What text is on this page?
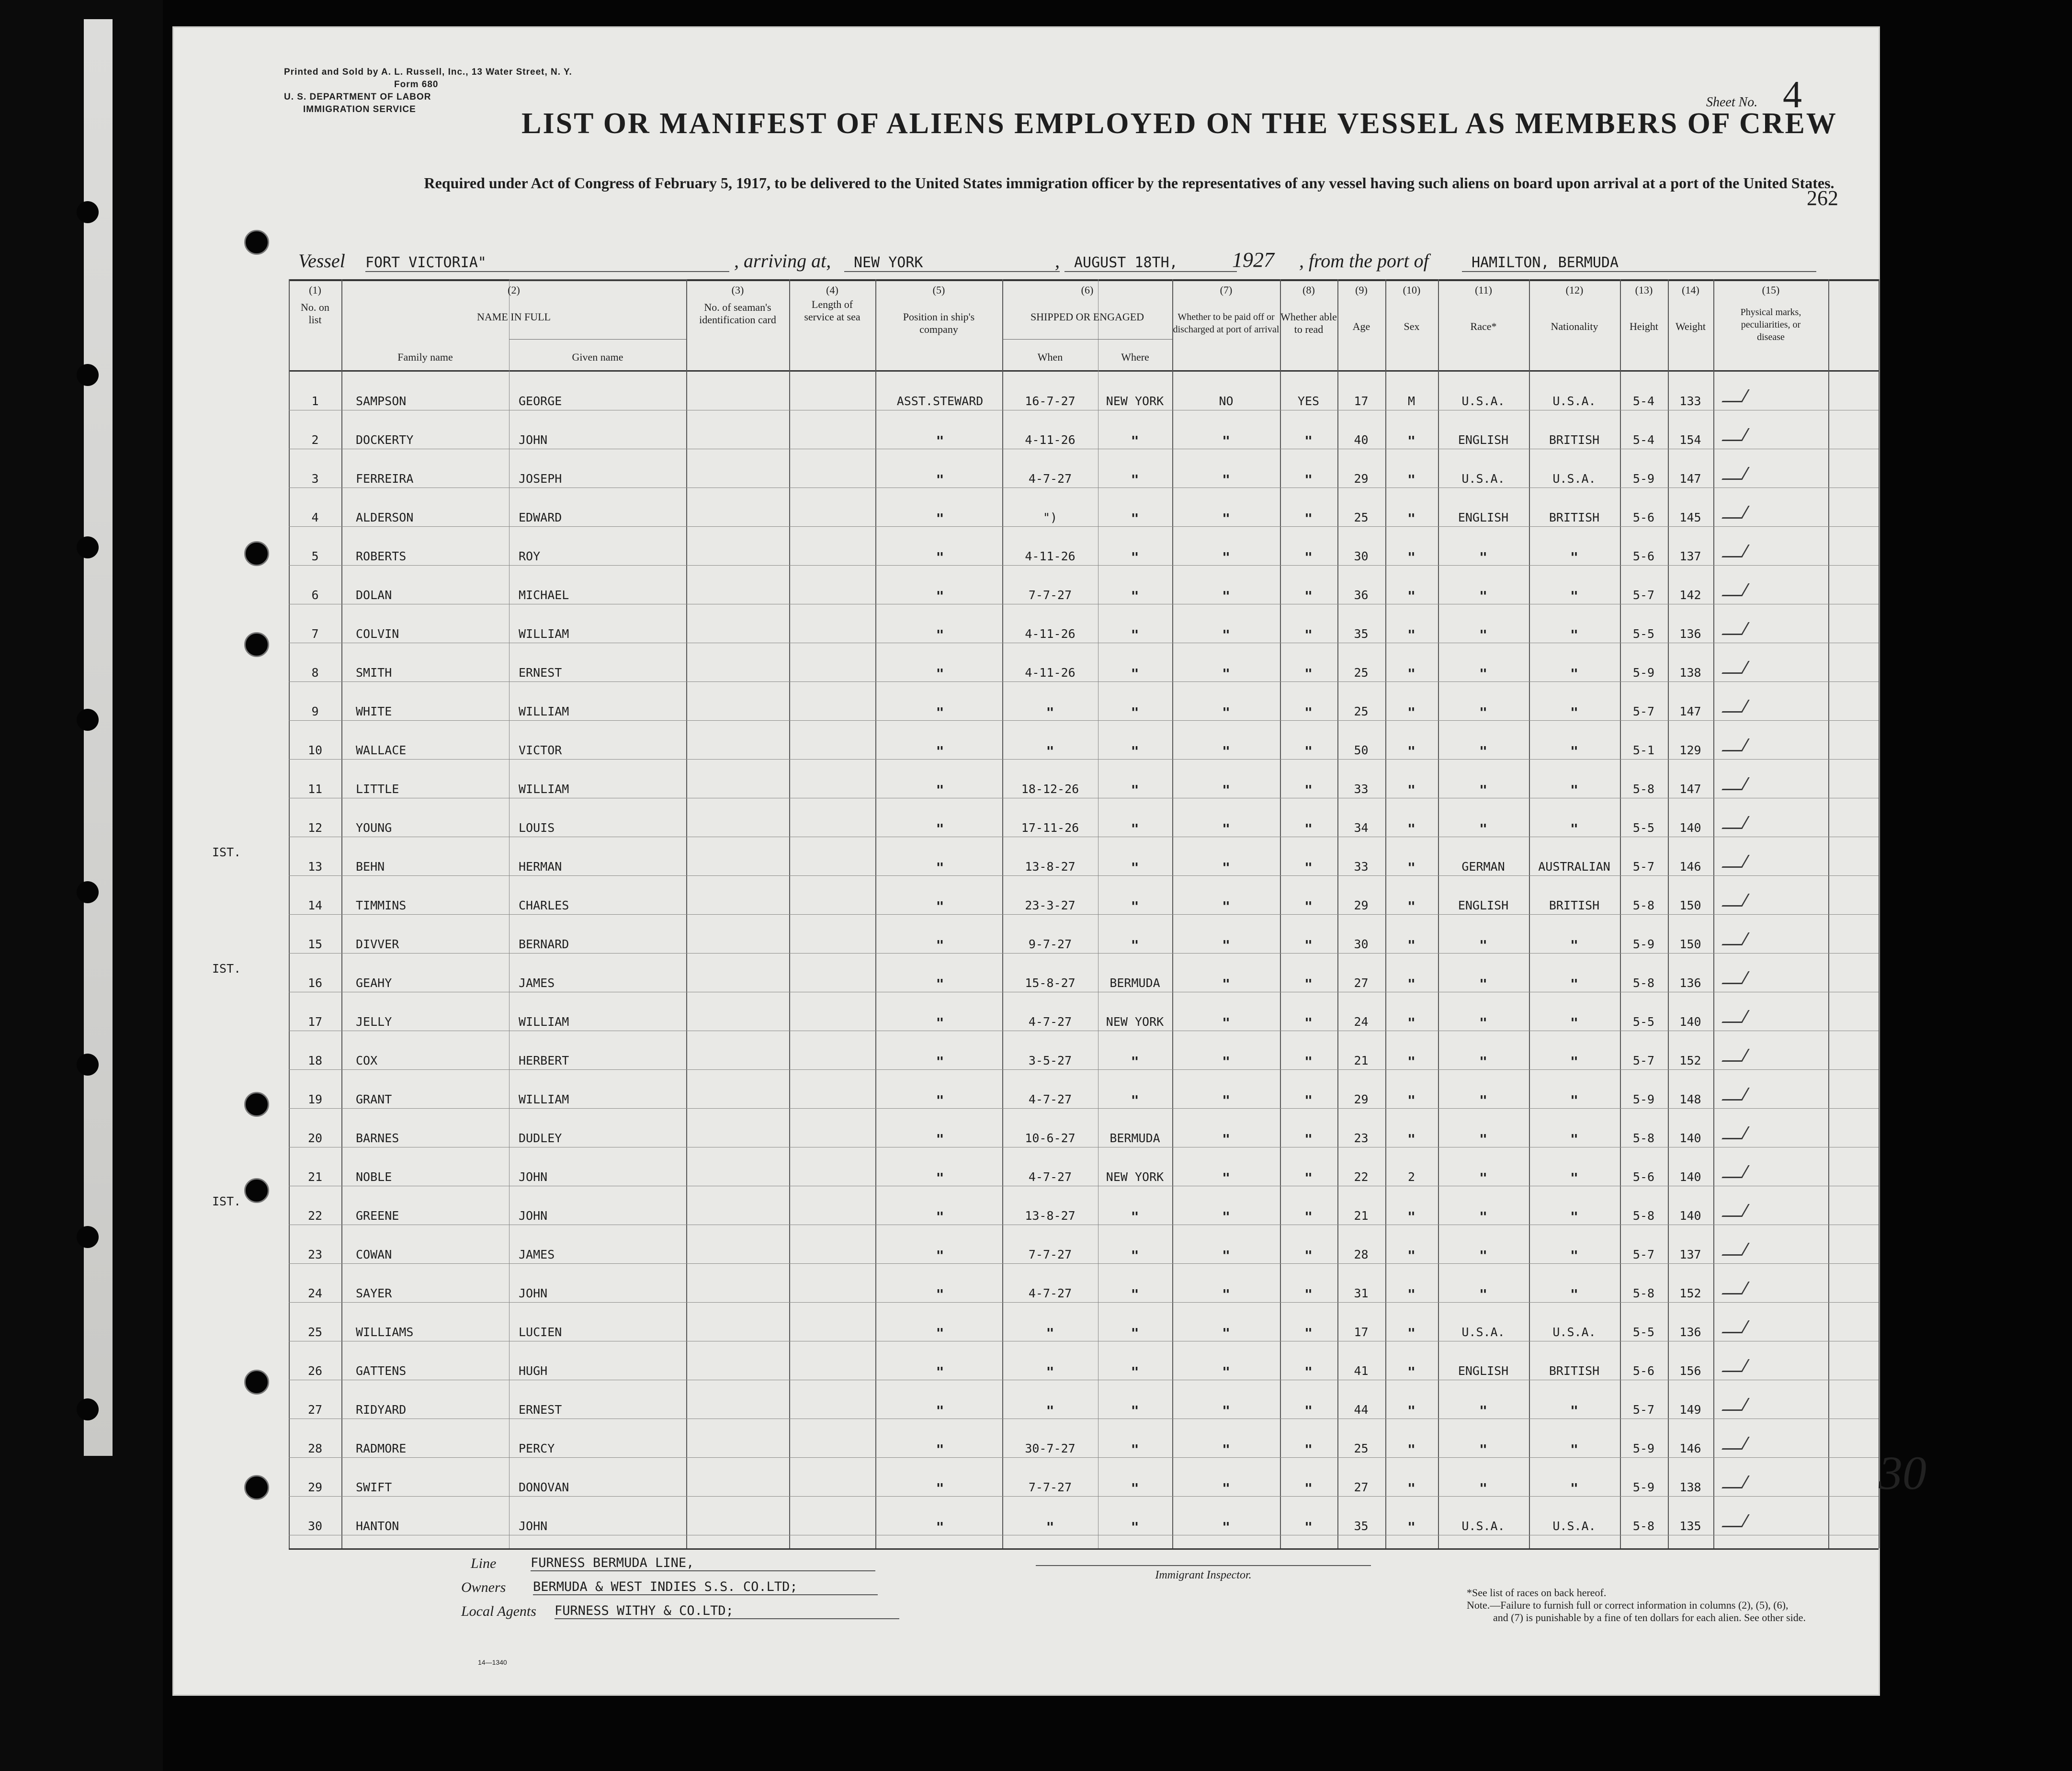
Printed and Sold by A. L. Russell, Inc., 13 Water Street, N. Y.
Form 680
U. S. DEPARTMENT OF LABOR
IMMIGRATION SERVICE	LIST OR MANIFEST OF ALIENS EMPLOYED ON THE VESSEL AS MEMBERS OF CREW
Required under Act of Congress of February 5, 1917, to be delivered to the United States immigration officer by the representatives of any vessel having such aliens on board upon arrival at a port of the United States.
Sheet No. 4
262
Vessel FORT VICTORIA"	, arriving at,	NEW YORK	,	AUGUST 18TH,	1927 , from the port of	HAMILTON, BERMUDA
(1)
No. on list
(2)
NAME IN FULL
Family name	Given name
(3)
No. of seaman's identification card
(4)
Length of service at sea
(5)
Position in ship's company
(6)
SHIPPED OR ENGAGED
When	Where
(7)
Whether to be paid off or discharged at port of arrival
(8)
Whether able to read
(9)
Age
(10)
Sex
(11)
Race*
(12)
Nationality
(13)
Height
(14)
Weight
(15)
Physical marks, peculiarities, or disease
1	SAMPSON	GEORGE	ASST.STEWARD	16-7-27	NEW YORK	NO	YES	17	M	U.S.A.	U.S.A.	5-4	133
2	DOCKERTY	JOHN	"	4-11-26	"	"	"	40	"	ENGLISH	BRITISH	5-4	154
3	FERREIRA	JOSEPH	"	4-7-27	"	"	"	29	"	U.S.A.	U.S.A.	5-9	147
4	ALDERSON	EDWARD	"	")	"	"	"	25	"	ENGLISH	BRITISH	5-6	145
5	ROBERTS	ROY	"	4-11-26	"	"	"	30	"	"	"	5-6	137
6	DOLAN	MICHAEL	"	7-7-27	"	"	"	36	"	"	"	5-7	142
7	COLVIN	WILLIAM	"	4-11-26	"	"	"	35	"	"	"	5-5	136
8	SMITH	ERNEST	"	4-11-26	"	"	"	25	"	"	"	5-9	138
9	WHITE	WILLIAM	"	"	"	"	"	25	"	"	"	5-7	147
10	WALLACE	VICTOR	"	"	"	"	"	50	"	"	"	5-1	129
11	LITTLE	WILLIAM	"	18-12-26	"	"	"	33	"	"	"	5-8	147
12	YOUNG	LOUIS	"	17-11-26	"	"	"	34	"	"	"	5-5	140
13	BEHN	HERMAN	"	13-8-27	"	"	"	33	"	GERMAN	AUSTRALIAN	5-7	146
IST.
14	TIMMINS	CHARLES	"	23-3-27	"	"	"	29	"	ENGLISH	BRITISH	5-8	150
15	DIVVER	BERNARD	"	9-7-27	"	"	"	30	"	"	"	5-9	150
16	GEAHY	JAMES	"	15-8-27	BERMUDA	"	"	27	"	"	"	5-8	136
IST.
17	JELLY	WILLIAM	"	4-7-27	NEW YORK	"	"	24	"	"	"	5-5	140
18	COX	HERBERT	"	3-5-27	"	"	"	21	"	"	"	5-7	152
19	GRANT	WILLIAM	"	4-7-27	"	"	"	29	"	"	"	5-9	148
20	BARNES	DUDLEY	"	10-6-27	BERMUDA	"	"	23	"	"	"	5-8	140
21	NOBLE	JOHN	"	4-7-27	NEW YORK	"	"	22	2	"	"	5-6	140
22	GREENE	JOHN	"	13-8-27	"	"	"	21	"	"	"	5-8	140
IST.
23	COWAN	JAMES	"	7-7-27	"	"	"	28	"	"	"	5-7	137
24	SAYER	JOHN	"	4-7-27	"	"	"	31	"	"	"	5-8	152
25	WILLIAMS	LUCIEN	"	"	"	"	"	17	"	U.S.A.	U.S.A.	5-5	136
26	GATTENS	HUGH	"	"	"	"	"	41	"	ENGLISH	BRITISH	5-6	156
27	RIDYARD	ERNEST	"	"	"	"	"	44	"	"	"	5-7	149
28	RADMORE	PERCY	"	30-7-27	"	"	"	25	"	"	"	5-9	146
29	SWIFT	DONOVAN	"	7-7-27	"	"	"	27	"	"	"	5-9	138
30	HANTON	JOHN	"	"	"	"	"	35	"	U.S.A.	U.S.A.	5-8	135
30
Line	FURNESS BERMUDA LINE,
Owners BERMUDA & WEST INDIES S.S. CO.LTD;
Local Agents FURNESS WITHY & CO.LTD;
Immigrant Inspector.
*See list of races on back hereof.
Note.—Failure to furnish full or correct information in columns (2), (5), (6),
and (7) is punishable by a fine of ten dollars for each alien. See other side.
14—1340
